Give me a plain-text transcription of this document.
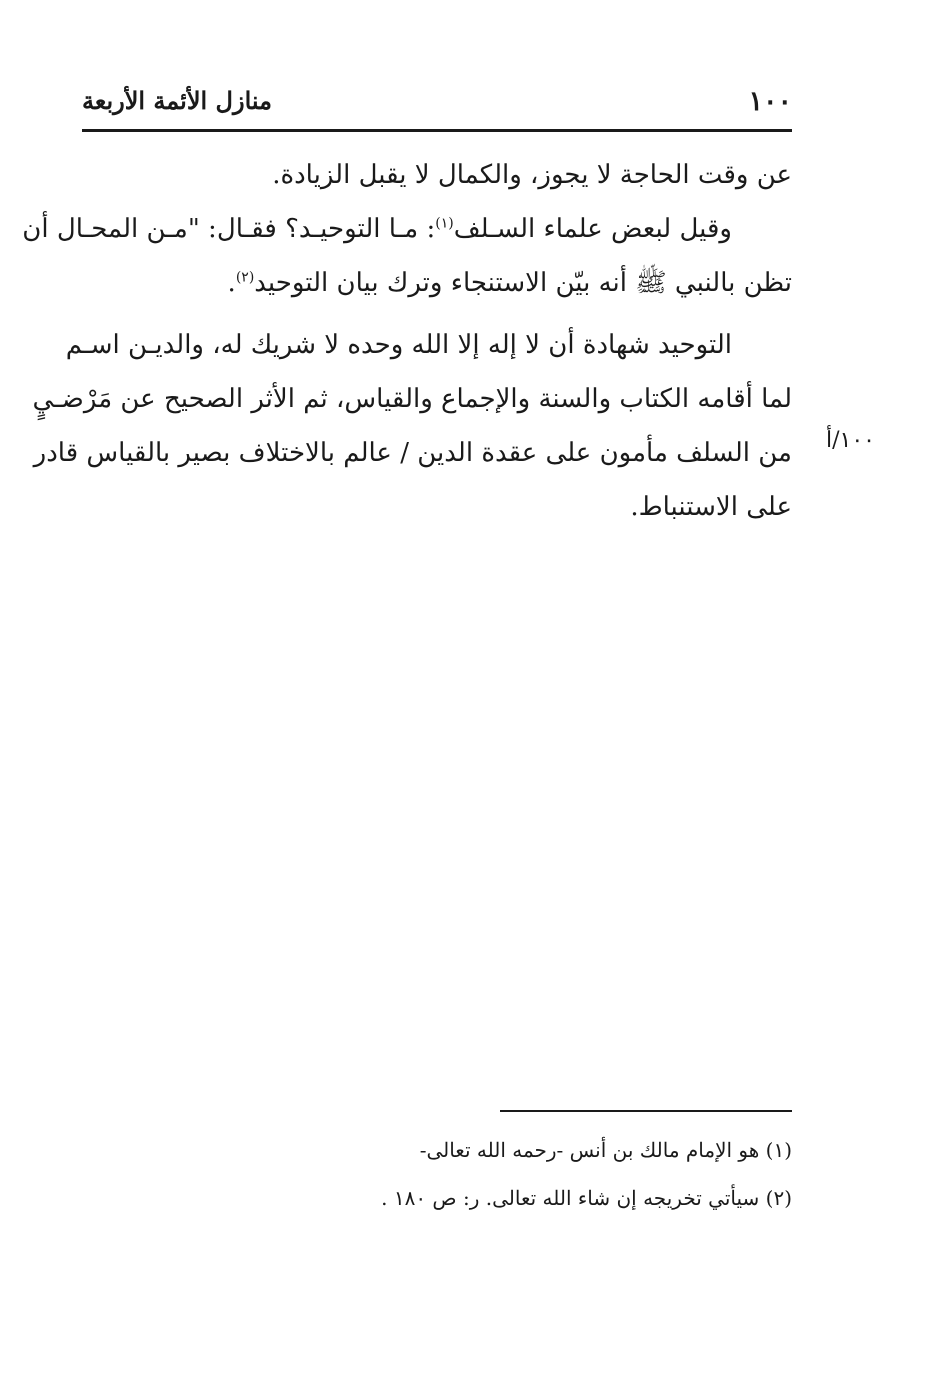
١٠٠
منازل الأئمة الأربعة
عن وقت الحاجة لا يجوز، والكمال لا يقبل الزيادة.
وقيل لبعض علماء السـلف$^{(١)}$: مـا التوحيـد؟ فقـال: "مـن المحـال أن
تظن بالنبي ﷺ أنه بيّن الاستنجاء وترك بيان التوحيد$^{(٢)}$.
التوحيد شهادة أن لا إله إلا الله وحده لا شريك له، والديـن اسـم
لما أقامه الكتاب والسنة والإجماع والقياس، ثم الأثر الصحيح عن مَرْضـيٍ
من السلف مأمون على عقدة الدين / عالم بالاختلاف بصير بالقياس قادر
على الاستنباط.
١٠٠/أ
(١) هو الإمام مالك بن أنس -رحمه الله تعالى-
(٢) سيأتي تخريجه إن شاء الله تعالى. ر: ص ١٨٠ .
